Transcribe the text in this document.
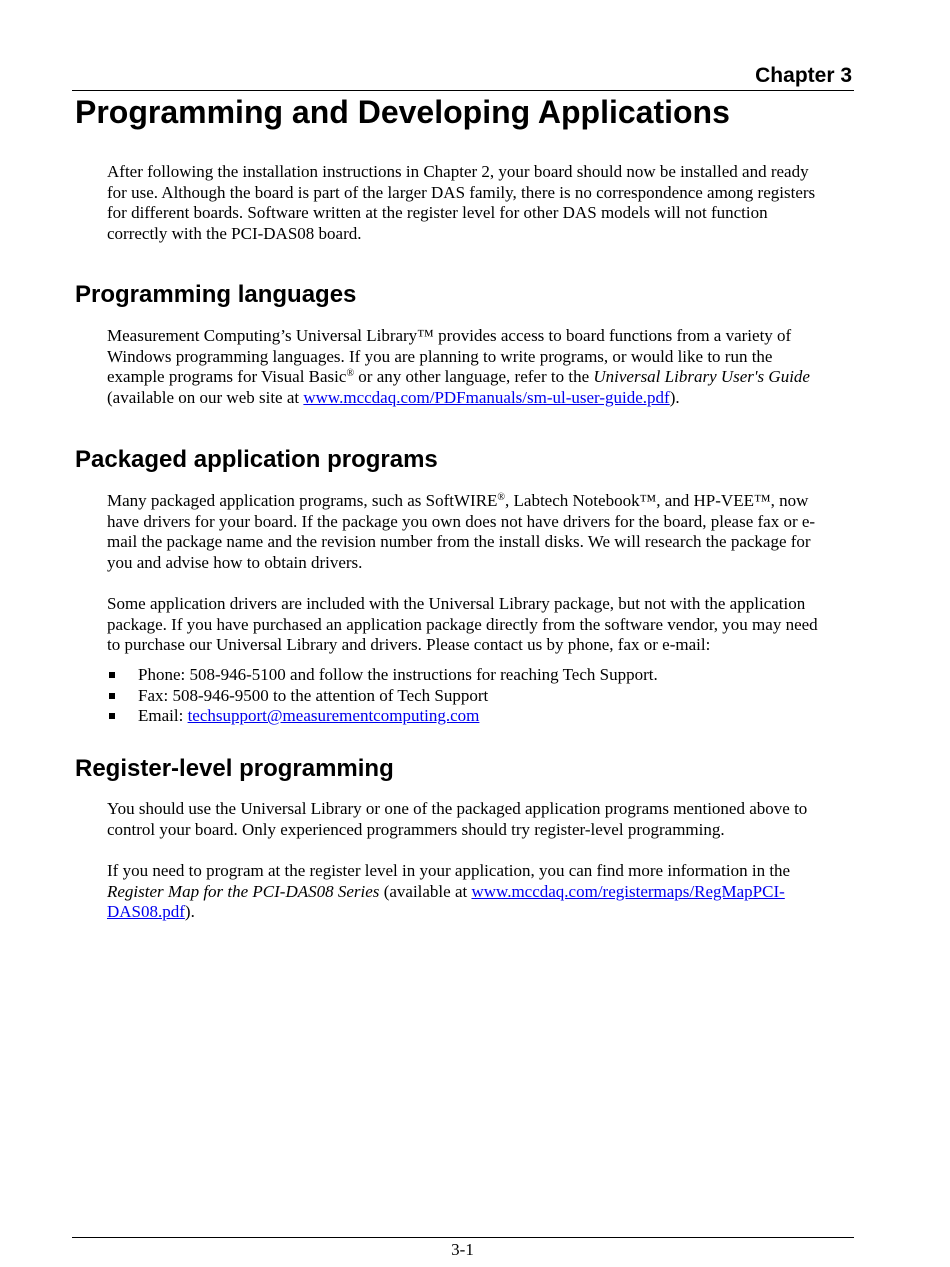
Chapter 3
Programming and Developing Applications

After following the installation instructions in Chapter 2, your board should now be installed and ready
for use. Although the board is part of the larger DAS family, there is no correspondence among registers
for different boards. Software written at the register level for other DAS models will not function
correctly with the PCI-DAS08 board.

Programming languages

Measurement Computing’s Universal Library™ provides access to board functions from a variety of
Windows programming languages. If you are planning to write programs, or would like to run the
example programs for Visual Basic® or any other language, refer to the Universal Library User's Guide
(available on our web site at www.mccdaq.com/PDFmanuals/sm-ul-user-guide.pdf).

Packaged application programs

Many packaged application programs, such as SoftWIRE®, Labtech Notebook™, and HP-VEE™, now
have drivers for your board. If the package you own does not have drivers for the board, please fax or e-
mail the package name and the revision number from the install disks. We will research the package for
you and advise how to obtain drivers.

Some application drivers are included with the Universal Library package, but not with the application
package. If you have purchased an application package directly from the software vendor, you may need
to purchase our Universal Library and drivers. Please contact us by phone, fax or e-mail:

Phone: 508-946-5100 and follow the instructions for reaching Tech Support.
Fax: 508-946-9500 to the attention of Tech Support
Email: techsupport@measurementcomputing.com
Register-level programming

You should use the Universal Library or one of the packaged application programs mentioned above to
control your board. Only experienced programmers should try register-level programming.

If you need to program at the register level in your application, you can find more information in the
Register Map for the PCI-DAS08 Series (available at www.mccdaq.com/registermaps/RegMapPCI-
DAS08.pdf).

3-1
